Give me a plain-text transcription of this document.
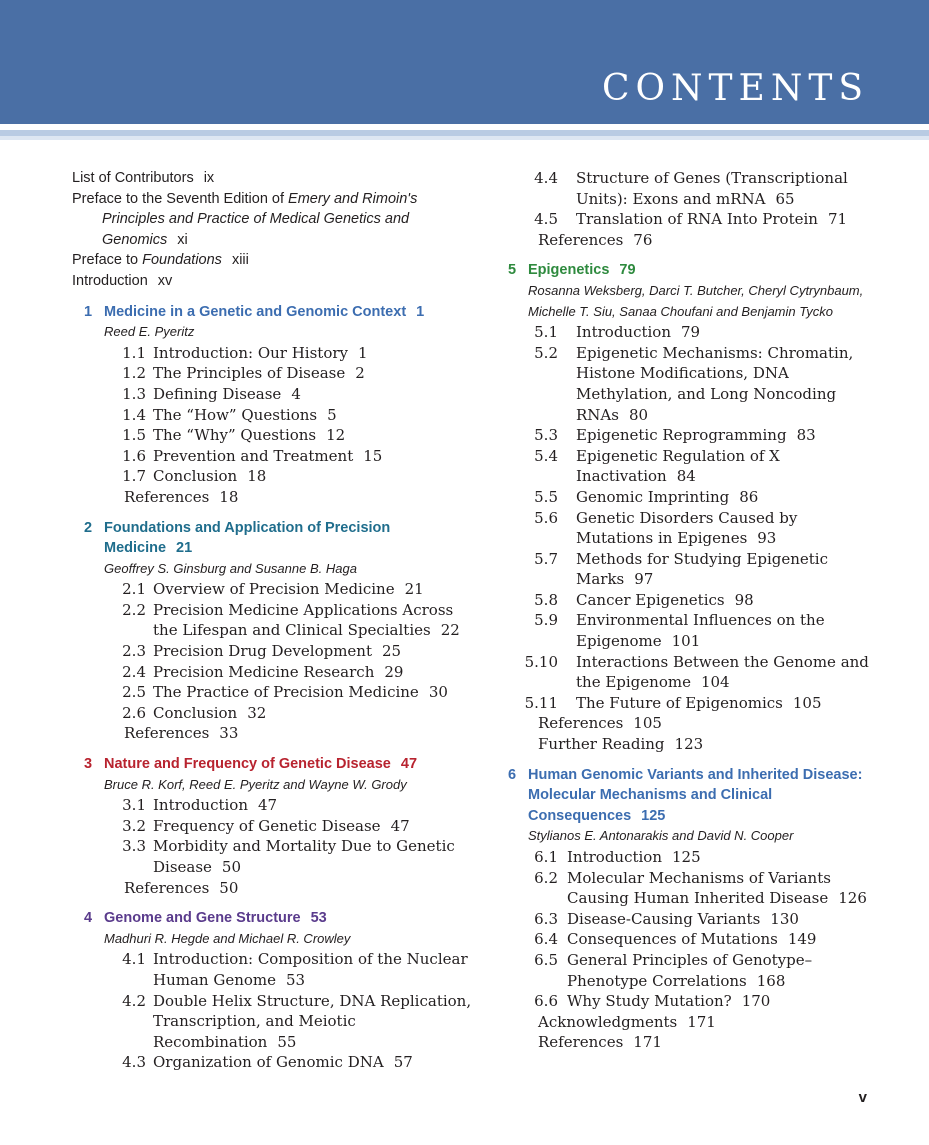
CONTENTS
List of Contributors ix
Preface to the Seventh Edition of Emery and Rimoin's Principles and Practice of Medical Genetics and Genomics xi
Preface to Foundations xiii
Introduction xv
1 Medicine in a Genetic and Genomic Context 1
Reed E. Pyeritz
1.1 Introduction: Our History 1
1.2 The Principles of Disease 2
1.3 Defining Disease 4
1.4 The “How” Questions 5
1.5 The “Why” Questions 12
1.6 Prevention and Treatment 15
1.7 Conclusion 18
References 18
2 Foundations and Application of Precision Medicine 21
Geoffrey S. Ginsburg and Susanne B. Haga
2.1 Overview of Precision Medicine 21
2.2 Precision Medicine Applications Across the Lifespan and Clinical Specialties 22
2.3 Precision Drug Development 25
2.4 Precision Medicine Research 29
2.5 The Practice of Precision Medicine 30
2.6 Conclusion 32
References 33
3 Nature and Frequency of Genetic Disease 47
Bruce R. Korf, Reed E. Pyeritz and Wayne W. Grody
3.1 Introduction 47
3.2 Frequency of Genetic Disease 47
3.3 Morbidity and Mortality Due to Genetic Disease 50
References 50
4 Genome and Gene Structure 53
Madhuri R. Hegde and Michael R. Crowley
4.1 Introduction: Composition of the Nuclear Human Genome 53
4.2 Double Helix Structure, DNA Replication, Transcription, and Meiotic Recombination 55
4.3 Organization of Genomic DNA 57
4.4 Structure of Genes (Transcriptional Units): Exons and mRNA 65
4.5 Translation of RNA Into Protein 71
References 76
5 Epigenetics 79
Rosanna Weksberg, Darci T. Butcher, Cheryl Cytrynbaum, Michelle T. Siu, Sanaa Choufani and Benjamin Tycko
5.1 Introduction 79
5.2 Epigenetic Mechanisms: Chromatin, Histone Modifications, DNA Methylation, and Long Noncoding RNAs 80
5.3 Epigenetic Reprogramming 83
5.4 Epigenetic Regulation of X Inactivation 84
5.5 Genomic Imprinting 86
5.6 Genetic Disorders Caused by Mutations in Epigenes 93
5.7 Methods for Studying Epigenetic Marks 97
5.8 Cancer Epigenetics 98
5.9 Environmental Influences on the Epigenome 101
5.10 Interactions Between the Genome and the Epigenome 104
5.11 The Future of Epigenomics 105
References 105
Further Reading 123
6 Human Genomic Variants and Inherited Disease: Molecular Mechanisms and Clinical Consequences 125
Stylianos E. Antonarakis and David N. Cooper
6.1 Introduction 125
6.2 Molecular Mechanisms of Variants Causing Human Inherited Disease 126
6.3 Disease-Causing Variants 130
6.4 Consequences of Mutations 149
6.5 General Principles of Genotype–Phenotype Correlations 168
6.6 Why Study Mutation? 170
Acknowledgments 171
References 171
v
